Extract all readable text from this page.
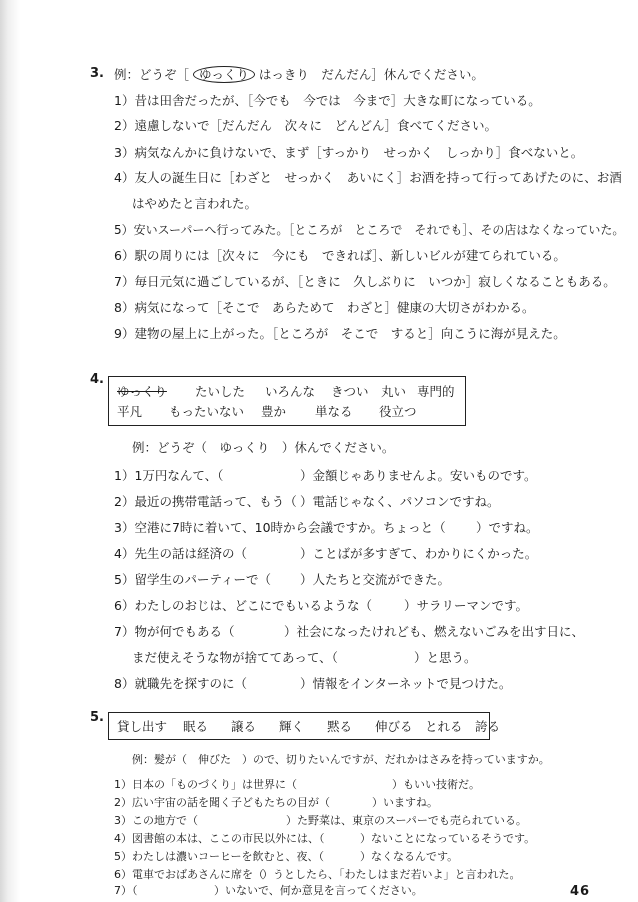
3. 例：どうぞ［ ゆっくり はっきり　だんだん］休んでください。
1）昔は田舎だったが、［今でも　今では　今まで］大きな町になっている。
2）遠慮しないで［だんだん　次々に　どんどん］食べてください。
3）病気なんかに負けないで、まず［すっかり　せっかく　しっかり］食べないと。
4）友人の誕生日に［わざと　せっかく　あいにく］お酒を持って行ってあげたのに、お酒
はやめたと言われた。
5）安いスーパーへ行ってみた。［ところが　ところで　それでも］、その店はなくなっていた。
6）駅の周りには［次々に　今にも　できれば］、新しいビルが建てられている。
7）毎日元気に過ごしているが、［ときに　久しぶりに　いつか］寂しくなることもある。
8）病気になって［そこで　あらためて　わざと］健康の大切さがわかる。
9）建物の屋上に上がった。［ところが　そこで　すると］向こうに海が見えた。
4.
ゆっくり たいした いろんな きつい 丸い 専門的
平凡 もったいない 豊か 単なる 役立つ
例：どうぞ（　ゆっくり　）休んでください。
1）1万円なんて、（	）金額じゃありませんよ。安いものです。
2）最近の携帯電話って、もう（ ）電話じゃなく、パソコンですね。
3）空港に7時に着いて、10時から会議ですか。ちょっと（ ）ですね。
4）先生の話は経済の（	）ことばが多すぎて、わかりにくかった。
5）留学生のパーティーで（ ）人たちと交流ができた。
6）わたしのおじは、どこにでもいるような（	）サラリーマンです。
7）物が何でもある（	）社会になったけれども、燃えないごみを出す日に、
まだ使えそうな物が捨ててあって、（	）と思う。
8）就職先を探すのに（	）情報をインターネットで見つけた。
5.
貸し出す 眠る 譲る 輝く 黙る 伸びる とれる 誇る
例：髪が（　伸びた　）ので、切りたいんですが、だれかはさみを持っていますか。
1）日本の「ものづくり」は世界に（	）もいい技術だ。
2）広い宇宙の話を聞く子どもたちの目が（	）いますね。
3）この地方で（	）た野菜は、東京のスーパーでも売られている。
4）図書館の本は、ここの市民以外には、（	）ないことになっているそうです。
5）わたしは濃いコーヒーを飲むと、夜、（	）なくなるんです。
6）電車でおばあさんに席を（
）うとしたら、「わたしはまだ若いよ」と言われた。
7）（	）いないで、何か意見を言ってください。	46
